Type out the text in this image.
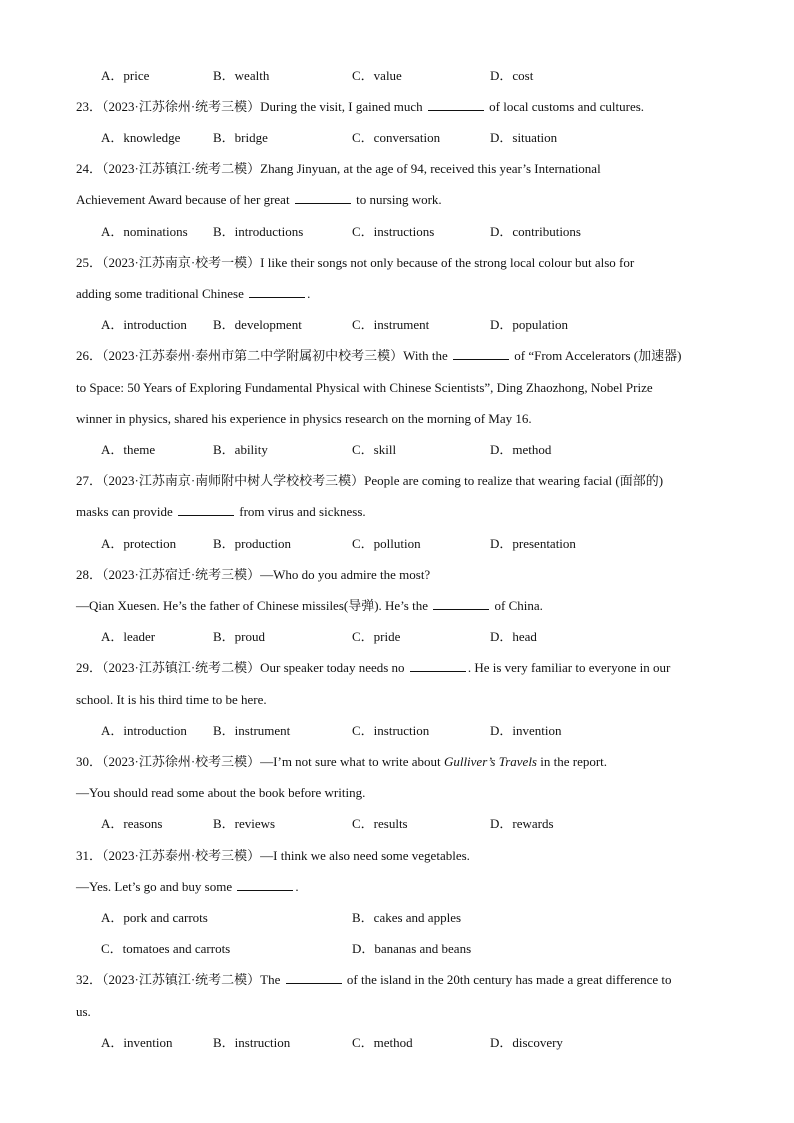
A．price	B．wealth	C．value	D．cost
23．（2023·江苏徐州·统考三模）During the visit, I gained much	of local customs and cultures.
A．knowledge	B．bridge	C．conversation	D．situation
24．（2023·江苏镇江·统考二模）Zhang Jinyuan, at the age of 94, received this year’s International
Achievement Award because of her great	to nursing work.
A．nominations B．introductions	C．instructions	D．contributions
25．（2023·江苏南京·校考一模）I like their songs not only because of the strong local colour but also for
adding some traditional Chinese	.
A．introduction B．development	C．instrument	D．population
26．（2023·江苏泰州·泰州市第二中学附属初中校考三模）With the	of “From Accelerators (加速器)
to Space: 50 Years of Exploring Fundamental Physical with Chinese Scientists”, Ding Zhaozhong, Nobel Prize
winner in physics, shared his experience in physics research on the morning of May 16.
A．theme	B．ability	C．skill	D．method
27．（2023·江苏南京·南师附中树人学校校考三模）People are coming to realize that wearing facial (面部的)
masks can provide	from virus and sickness.
A．protection	B．production	C．pollution	D．presentation
28．（2023·江苏宿迁·统考三模）—Who do you admire the most?
—Qian Xuesen. He’s the father of Chinese missiles(导弹). He’s the	of China.
A．leader	B．proud	C．pride	D．head
29．（2023·江苏镇江·统考二模）Our speaker today needs no	. He is very familiar to everyone in our
school. It is his third time to be here.
A．introduction B．instrument	C．instruction	D．invention
30．（2023·江苏徐州·校考三模）—I’m not sure what to write about Gulliver’s Travels in the report.
—You should read some about the book before writing.
A．reasons	B．reviews	C．results	D．rewards
31．（2023·江苏泰州·校考三模）—I think we also need some vegetables.
—Yes. Let’s go and buy some	.
A．pork and carrots	B．cakes and apples
C．tomatoes and carrots	D．bananas and beans
32．（2023·江苏镇江·统考二模）The	of the island in the 20th century has made a great difference to
us.
A．invention	B．instruction	C．method	D．discovery
